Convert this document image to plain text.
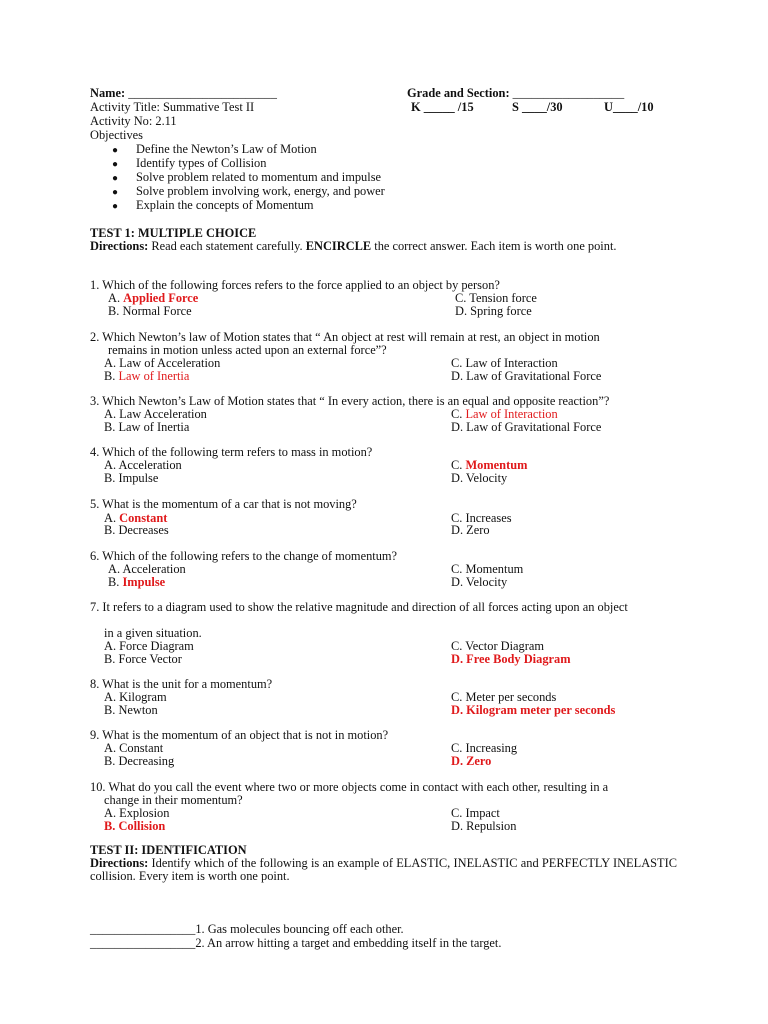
Name: ________________________	Grade and Section: __________________
Activity Title: Summative Test II	K _____ /15	S ____/30	U____/10
Activity No: 2.11
Objectives
● Define the Newton’s Law of Motion
● Identify types of Collision
● Solve problem related to momentum and impulse
● Solve problem involving work, energy, and power
● Explain the concepts of Momentum
TEST 1: MULTIPLE CHOICE
Directions: Read each statement carefully. ENCIRCLE the correct answer. Each item is worth one point.
1. Which of the following forces refers to the force applied to an object by person?
A. Applied Force	C. Tension force
B. Normal Force	D. Spring force
2. Which Newton’s law of Motion states that “ An object at rest will remain at rest, an object in motion
remains in motion unless acted upon an external force”?
A. Law of Acceleration	C. Law of Interaction
B. Law of Inertia	D. Law of Gravitational Force
3. Which Newton’s Law of Motion states that “ In every action, there is an equal and opposite reaction”?
A. Law Acceleration	C. Law of Interaction
B. Law of Inertia	D. Law of Gravitational Force
4. Which of the following term refers to mass in motion?
A. Acceleration	C. Momentum
B. Impulse	D. Velocity
5. What is the momentum of a car that is not moving?
A. Constant	C. Increases
B. Decreases	D. Zero
6. Which of the following refers to the change of momentum?
A. Acceleration	C. Momentum
B. Impulse	D. Velocity
7. It refers to a diagram used to show the relative magnitude and direction of all forces acting upon an object
in a given situation.
A. Force Diagram	C. Vector Diagram
B. Force Vector	D. Free Body Diagram
8. What is the unit for a momentum?
A. Kilogram	C. Meter per seconds
B. Newton	D. Kilogram meter per seconds
9. What is the momentum of an object that is not in motion?
A. Constant	C. Increasing
B. Decreasing	D. Zero
10. What do you call the event where two or more objects come in contact with each other, resulting in a
change in their momentum?
A. Explosion	C. Impact
B. Collision	D. Repulsion
TEST II: IDENTIFICATION
Directions: Identify which of the following is an example of ELASTIC, INELASTIC and PERFECTLY INELASTIC collision. Every item is worth one point.
_________________1. Gas molecules bouncing off each other.
_________________2. An arrow hitting a target and embedding itself in the target.
